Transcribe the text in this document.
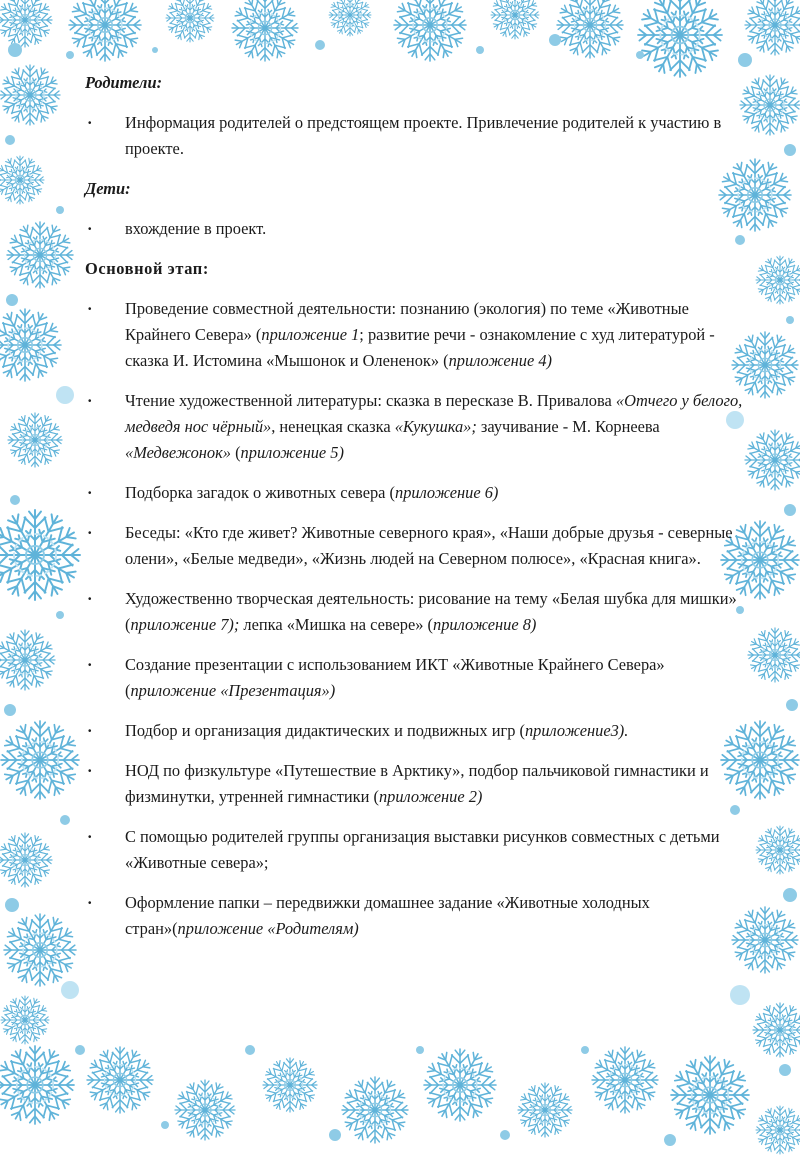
Родители:
· Информация родителей о предстоящем проекте. Привлечение родителей к участию в проекте.
Дети:
· вхождение в проект.
Основной этап:
· Проведение совместной деятельности: познанию (экология) по теме «Животные Крайнего Севера» (приложение 1; развитие речи - ознакомление с худ литературой - сказка И. Истомина «Мышонок и Олененок» (приложение 4)
· Чтение художественной литературы: сказка в пересказе В. Привалова «Отчего у белого, медведя нос чёрный», ненецкая сказка «Кукушка»; заучивание - М. Корнеева «Медвежонок» (приложение 5)
· Подборка загадок о животных севера (приложение 6)
· Беседы: «Кто где живет? Животные северного края», «Наши добрые друзья - северные олени», «Белые медведи», «Жизнь людей на Северном полюсе», «Красная книга».
· Художественно творческая деятельность: рисование на тему «Белая шубка для мишки» (приложение 7); лепка «Мишка на севере» (приложение 8)
· Создание презентации с использованием ИКТ «Животные Крайнего Севера» (приложение «Презентация»)
· Подбор и организация дидактических и подвижных игр (приложение3).
· НОД по физкультуре «Путешествие в Арктику», подбор пальчиковой гимнастики и физминутки, утренней гимнастики (приложение 2)
· С помощью родителей группы организация выставки рисунков совместных с детьми «Животные севера»;
· Оформление папки – передвижки домашнее задание «Животные холодных стран»(приложение «Родителям)
